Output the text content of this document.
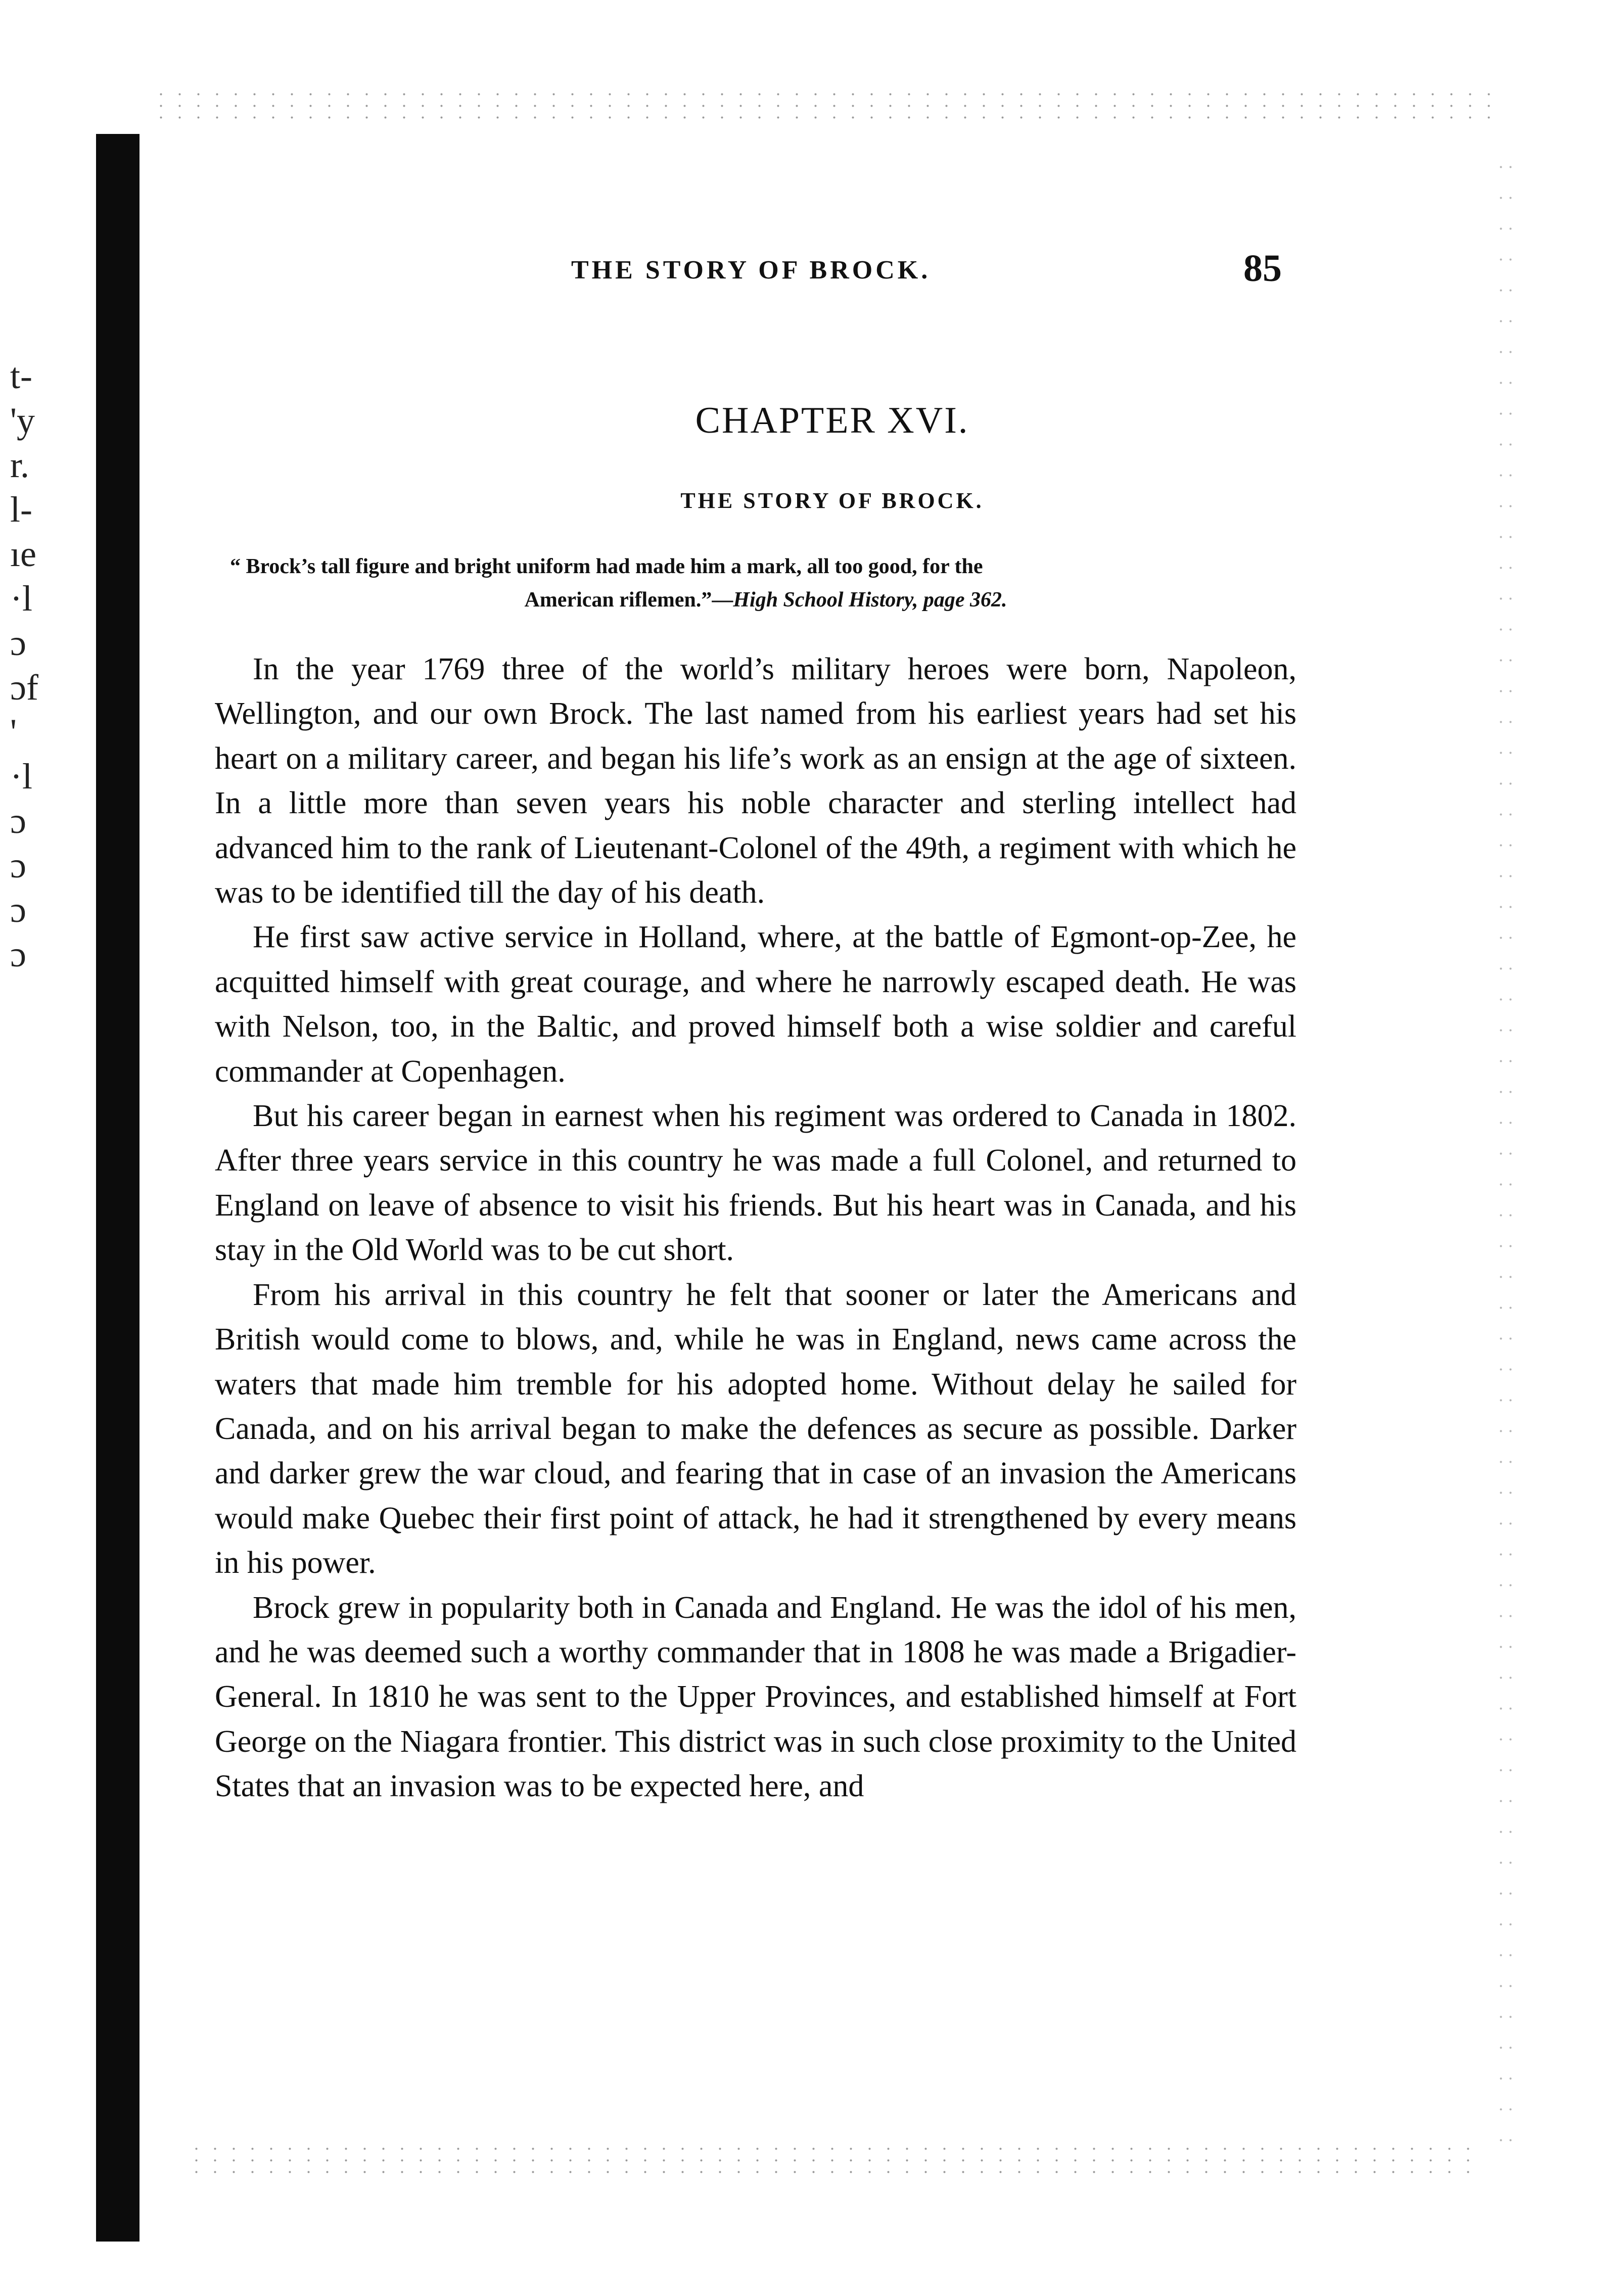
t-
'y
r.
l-
ıe
·l
ɔ
ɔf
'
·l
ɔ
ɔ
ɔ
ɔ
THE STORY OF BROCK.	85
CHAPTER XVI.
THE STORY OF BROCK.
“ Brock’s tall figure and bright uniform had made him a mark, all too good, for the
American riflemen.”—High School History, page 362.

In the year 1769 three of the world’s military heroes were born, Napoleon, Wellington, and our own Brock. The last named from his earliest years had set his heart on a military career, and began his life’s work as an ensign at the age of sixteen. In a little more than seven years his noble character and sterling intellect had advanced him to the rank of Lieutenant-Colonel of the 49th, a regiment with which he was to be identified till the day of his death.

He first saw active service in Holland, where, at the battle of Egmont-op-Zee, he acquitted himself with great courage, and where he narrowly escaped death. He was with Nelson, too, in the Baltic, and proved himself both a wise soldier and careful commander at Copenhagen.

But his career began in earnest when his regiment was ordered to Canada in 1802. After three years service in this country he was made a full Colonel, and returned to England on leave of absence to visit his friends. But his heart was in Canada, and his stay in the Old World was to be cut short.

From his arrival in this country he felt that sooner or later the Americans and British would come to blows, and, while he was in England, news came across the waters that made him tremble for his adopted home. Without delay he sailed for Canada, and on his arrival began to make the defences as secure as possible. Darker and darker grew the war cloud, and fearing that in case of an invasion the Americans would make Quebec their first point of attack, he had it strengthened by every means in his power.

Brock grew in popularity both in Canada and England. He was the idol of his men, and he was deemed such a worthy commander that in 1808 he was made a Brigadier-General. In 1810 he was sent to the Upper Provinces, and established himself at Fort George on the Niagara frontier. This district was in such close proximity to the United States that an invasion was to be expected here, and
